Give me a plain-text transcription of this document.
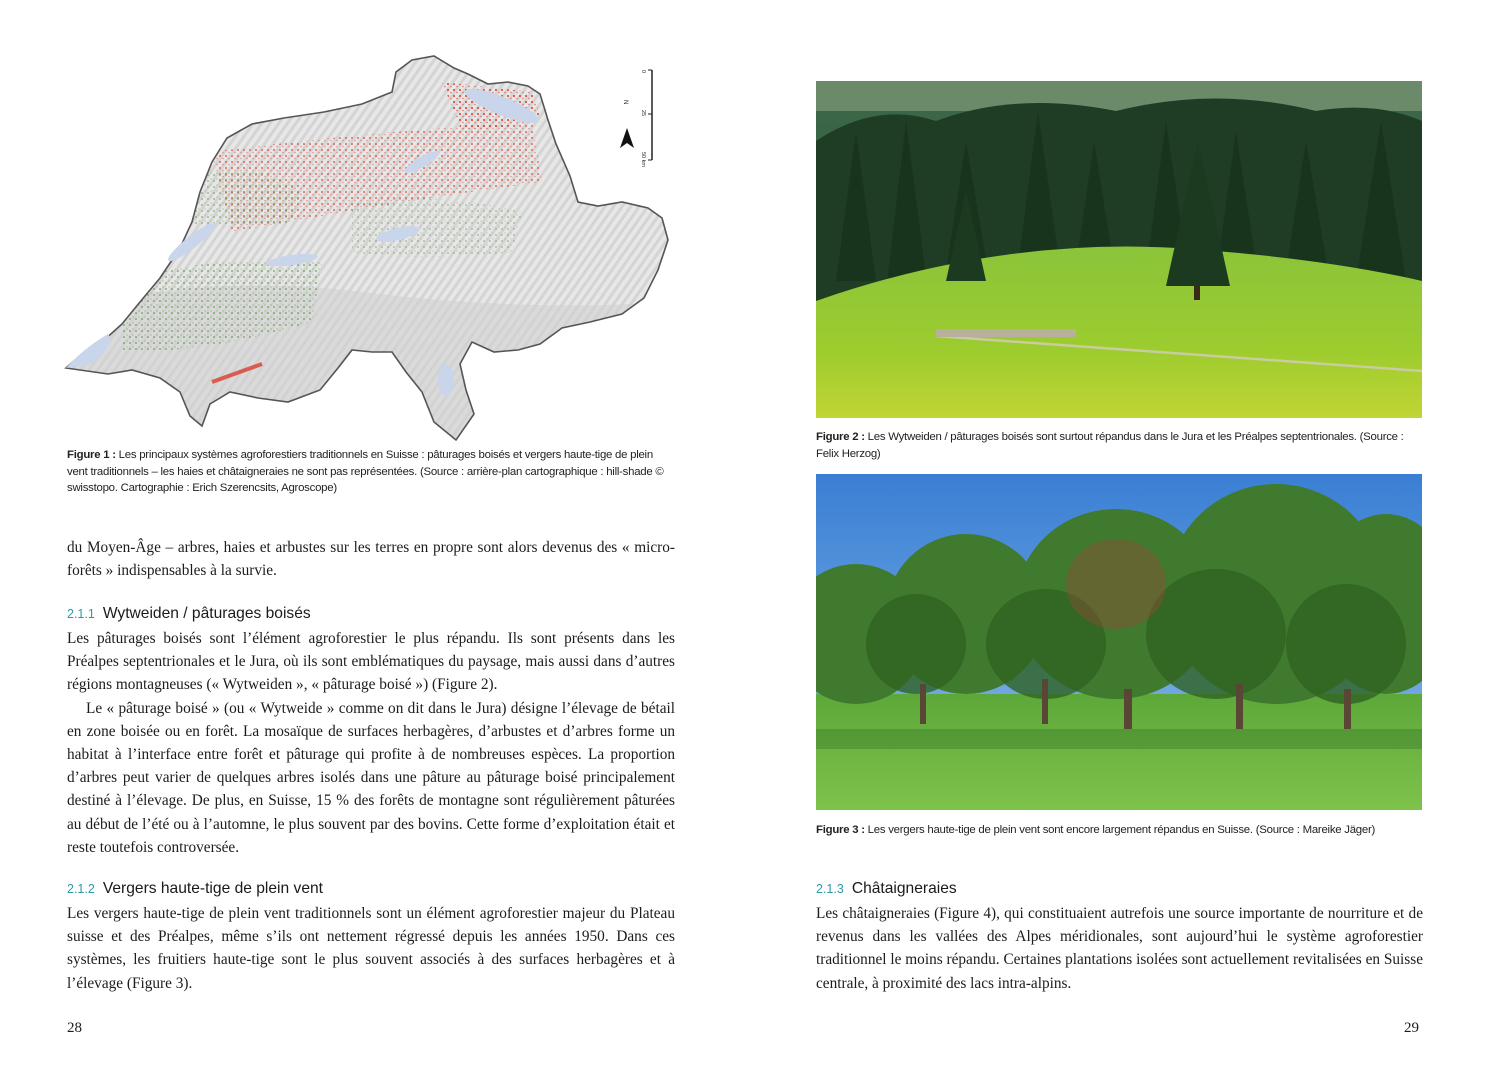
N
0
25
50 km
Figure 1 : Les principaux systèmes agroforestiers traditionnels en Suisse : pâturages boisés et vergers haute-tige de plein vent traditionnels – les haies et châtaigneraies ne sont pas représentées. (Source : arrière-plan cartographique : hill-shade © swisstopo. Cartographie : Erich Szerencsits, Agroscope)

du Moyen-Âge – arbres, haies et arbustes sur les terres en propre sont alors devenus des « micro-forêts » indispensables à la survie.

2.1.1 Wytweiden / pâturages boisés

Les pâturages boisés sont l’élément agroforestier le plus répandu. Ils sont présents dans les Préalpes septentrionales et le Jura, où ils sont emblématiques du paysage, mais aussi dans d’autres régions montagneuses (« Wytweiden », « pâturage boisé ») (Figure 2).

Le « pâturage boisé » (ou « Wytweide » comme on dit dans le Jura) désigne l’élevage de bétail en zone boisée ou en forêt. La mosaïque de surfaces herbagères, d’arbustes et d’arbres forme un habitat à l’interface entre forêt et pâturage qui profite à de nombreuses espèces. La proportion d’arbres peut varier de quelques arbres isolés dans une pâture au pâturage boisé principalement destiné à l’élevage. De plus, en Suisse, 15 % des forêts de montagne sont régulièrement pâturées au début de l’été ou à l’automne, le plus souvent par des bovins. Cette forme d’exploitation était et reste toutefois controversée.

2.1.2 Vergers haute-tige de plein vent

Les vergers haute-tige de plein vent traditionnels sont un élément agroforestier majeur du Plateau suisse et des Préalpes, même s’ils ont nettement régressé depuis les années 1950. Dans ces systèmes, les fruitiers haute-tige sont le plus souvent associés à des surfaces herbagères et à l’élevage (Figure 3).

28
Figure 2 : Les Wytweiden / pâturages boisés sont surtout répandus dans le Jura et les Préalpes septentrionales. (Source : Felix Herzog)
Figure 3 : Les vergers haute-tige de plein vent sont encore largement répandus en Suisse. (Source : Mareike Jäger)
2.1.3 Châtaigneraies

Les châtaigneraies (Figure 4), qui constituaient autrefois une source importante de nourriture et de revenus dans les vallées des Alpes méridionales, sont aujourd’hui le système agroforestier traditionnel le moins répandu. Certaines plantations isolées sont actuellement revitalisées en Suisse centrale, à proximité des lacs intra-alpins.

29
